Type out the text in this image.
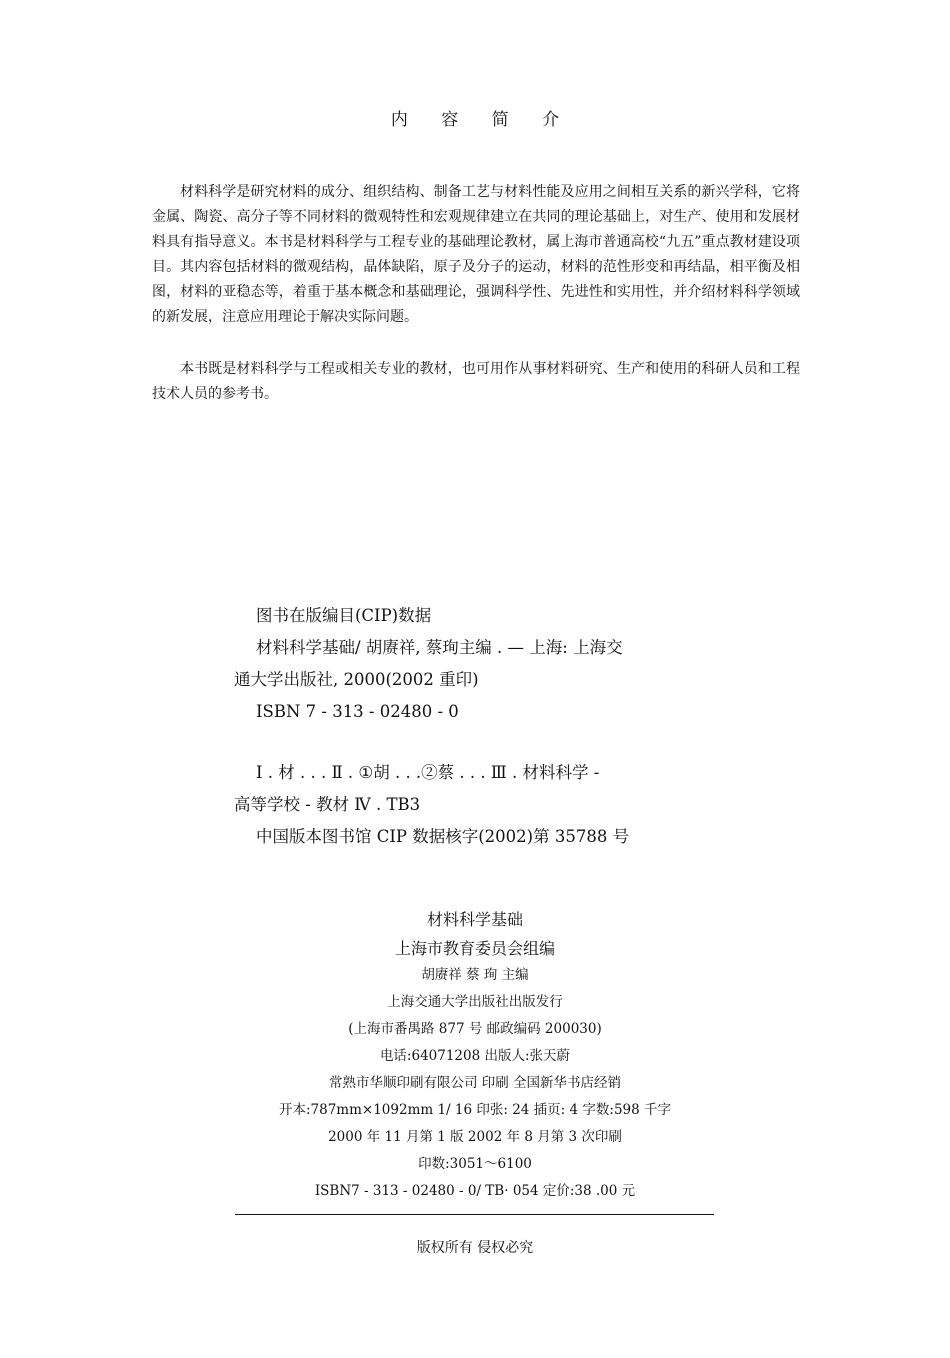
内 容 简 介

材料科学是研究材料的成分、组织结构、制备工艺与材料性能及应用之间相互关系的新兴学科，它将金属、陶瓷、高分子等不同材料的微观特性和宏观规律建立在共同的理论基础上，对生产、使用和发展材料具有指导意义。本书是材料科学与工程专业的基础理论教材，属上海市普通高校“九五”重点教材建设项目。其内容包括材料的微观结构，晶体缺陷，原子及分子的运动，材料的范性形变和再结晶，相平衡及相图，材料的亚稳态等，着重于基本概念和基础理论，强调科学性、先进性和实用性，并介绍材料科学领域的新发展，注意应用理论于解决实际问题。

本书既是材料科学与工程或相关专业的教材，也可用作从事材料研究、生产和使用的科研人员和工程技术人员的参考书。

图书在版编目(CIP)数据
材料科学基础/ 胡赓祥, 蔡珣主编 . — 上海: 上海交
通大学出版社, 2000(2002 重印)
ISBN 7 - 313 - 02480 - 0
Ⅰ . 材 . . . Ⅱ . ①胡 . . .②蔡 . . . Ⅲ . 材料科学 -
高等学校 - 教材 Ⅳ . TB3
中国版本图书馆 CIP 数据核字(2002)第 35788 号
材料科学基础
上海市教育委员会组编
胡赓祥 蔡 珣 主编
上海交通大学出版社出版发行
(上海市番禺路 877 号 邮政编码 200030)
电话:64071208 出版人:张天蔚
常熟市华顺印刷有限公司 印刷 全国新华书店经销
开本:787mm×1092mm 1/ 16 印张: 24 插页: 4 字数:598 千字
2000 年 11 月第 1 版 2002 年 8 月第 3 次印刷
印数:3051～6100
ISBN7 - 313 - 02480 - 0/ TB· 054 定价:38 .00 元
版权所有 侵权必究
